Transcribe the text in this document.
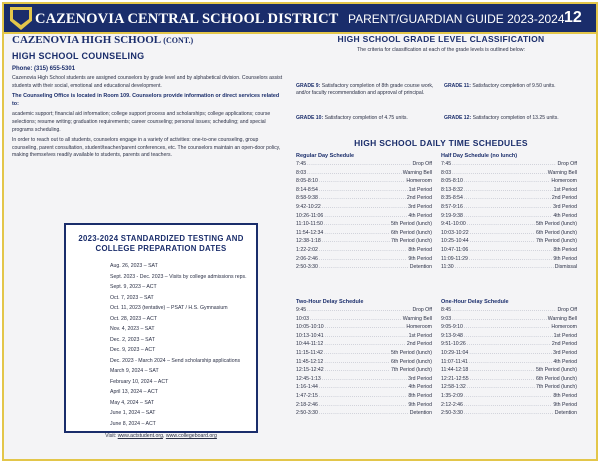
CAZENOVIA CENTRAL SCHOOL DISTRICT PARENT/GUARDIAN GUIDE 2023-2024 12
CAZENOVIA HIGH SCHOOL (CONT.)
HIGH SCHOOL COUNSELING
Phone: (315) 655-5301
Cazenovia High School students are assigned counselors by grade level and by alphabetical division. Counselors assist students with their social, emotional and educational development.
The Counseling Office is located in Room 109. Counselors provide information or direct services related to:
academic support; financial aid information; college support process and scholarships; college applications; course selections; resume writing; graduation requirements; career counseling; personal issues; scheduling; and special programs scheduling.
In order to reach out to all students, counselors engage in a variety of activities: one-to-one counseling, group counseling, parent consultation, student/teacher/parent conferences, etc. The counselors maintain an open-door policy, making themselves readily available to students, parents and teachers.
2023-2024 STANDARDIZED TESTING AND
COLLEGE PREPARATION DATES
Aug. 26, 2023 – SAT
Sept. 2023 - Dec. 2023 – Visits by college admissions reps.
Sept. 9, 2023 – ACT
Oct. 7, 2023 – SAT
Oct. 11, 2023 (tentative) – PSAT / H.S. Gymnasium
Oct. 28, 2023 – ACT
Nov. 4, 2023 – SAT
Dec. 2, 2023 – SAT
Dec. 9, 2023 – ACT
Dec. 2023 - March 2024 – Send scholarship applications
March 9, 2024 – SAT
February 10, 2024 – ACT
April 13, 2024 – ACT
May 4, 2024 – SAT
June 1, 2024 – SAT
June 8, 2024 – ACT
Visit: www.actstudent.org, www.collegeboard.org
HIGH SCHOOL GRADE LEVEL CLASSIFICATION
The criteria for classification at each of the grade levels is outlined below:
GRADE 9: Satisfactory completion of 8th grade course work, and/or faculty recommendation and approval of principal.
GRADE 11: Satisfactory completion of 9.50 units.
GRADE 10: Satisfactory completion of 4.75 units.	GRADE 12: Satisfactory completion of 13.25 units.
HIGH SCHOOL DAILY TIME SCHEDULES
Regular Day Schedule
7:45 .....	Drop Off
8:03 .....	Warning Bell
8:05-8:10 .....	Homeroom
8:14-8:54 .....	1st Period
8:58-9:38 .....	2nd Period
9:42-10:22 .....	3rd Period
10:26-11:06 .....	4th Period
11:10-11:50 .....	5th Period (lunch)
11:54-12:34 .....	6th Period (lunch)
12:38-1:18 .....	7th Period (lunch)
1:22-2:02 .....	8th Period
2:06-2:46 .....	9th Period
2:50-3:30 .....	Detention
Half Day Schedule (no lunch)
7:45 .....	Drop Off
8:03 .....	Warning Bell
8:05-8:10 .....	Homeroom
8:13-8:32 .....	1st Period
8:35-8:54 .....	2nd Period
8:57-9:16 .....	3rd Period
9:19-9:38 .....	4th Period
9:41-10:00 .....	5th Period (lunch)
10:03-10:22 .....	6th Period (lunch)
10:25-10:44 .....	7th Period (lunch)
10:47-11:06 .....	8th Period
11:09-11:29 .....	9th Period
11:30 .....	Dismissal
Two-Hour Delay Schedule
9:45 .....	Drop Off
10:03 .....	Warning Bell
10:05-10:10 .....	Homeroom
10:13-10:41 .....	1st Period
10:44-11:12 .....	2nd Period
11:15-11:42 .....	5th Period (lunch)
11:45-12:12 .....	6th Period (lunch)
12:15-12:42 .....	7th Period (lunch)
12:45-1:13 .....	3rd Period
1:16-1:44 .....	4th Period
1:47-2:15 .....	8th Period
2:18-2:46 .....	9th Period
2:50-3:30 .....	Detention
One-Hour Delay Schedule
8:45 .....	Drop Off
9:03 .....	Warning Bell
9:05-9:10 .....	Homeroom
9:13-9:48 .....	1st Period
9:51-10:26 .....	2nd Period
10:29-11:04 .....	3rd Period
11:07-11:41 .....	4th Period
11:44-12:18 .....	5th Period (lunch)
12:21-12:55 .....	6th Period (lunch)
12:58-1:32 .....	7th Period (lunch)
1:35-2:09 .....	8th Period
2:12-2:46 .....	9th Period
2:50-3:30 .....	Detention
